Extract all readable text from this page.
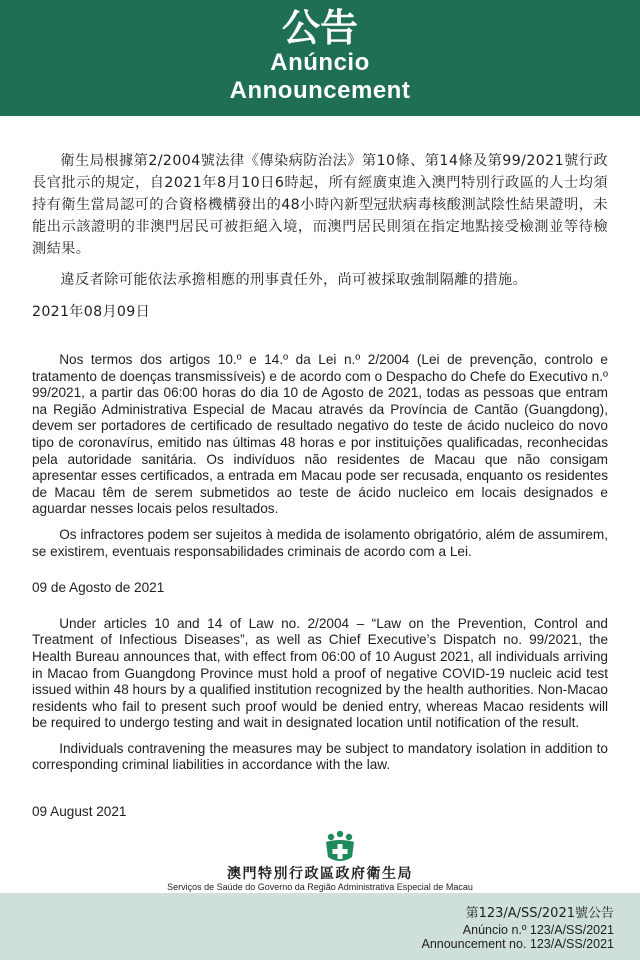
公告
Anúncio
Announcement

衛生局根據第2/2004號法律《傳染病防治法》第10條、第14條及第99/2021號行政長官批示的規定，自2021年8月10日6時起，所有經廣東進入澳門特別行政區的人士均須持有衛生當局認可的合資格機構發出的48小時內新型冠狀病毒核酸測試陰性結果證明，未能出示該證明的非澳門居民可被拒絕入境，而澳門居民則須在指定地點接受檢測並等待檢測結果。

違反者除可能依法承擔相應的刑事責任外，尚可被採取強制隔離的措施。

2021年08月09日

Nos termos dos artigos 10.º e 14.º da Lei n.º 2/2004 (Lei de prevenção, controlo e tratamento de doenças transmissíveis) e de acordo com o Despacho do Chefe do Executivo n.º 99/2021, a partir das 06:00 horas do dia 10 de Agosto de 2021, todas as pessoas que entram na Região Administrativa Especial de Macau através da Província de Cantão (Guangdong), devem ser portadores de certificado de resultado negativo do teste de ácido nucleico do novo tipo de coronavírus, emitido nas últimas 48 horas e por instituições qualificadas, reconhecidas pela autoridade sanitária. Os indivíduos não residentes de Macau que não consigam apresentar esses certificados, a entrada em Macau pode ser recusada, enquanto os residentes de Macau têm de serem submetidos ao teste de ácido nucleico em locais designados e aguardar nesses locais pelos resultados.

Os infractores podem ser sujeitos à medida de isolamento obrigatório, além de assumirem, se existirem, eventuais responsabilidades criminais de acordo com a Lei.

09 de Agosto de 2021

Under articles 10 and 14 of Law no. 2/2004 – “Law on the Prevention, Control and Treatment of Infectious Diseases”, as well as Chief Executive’s Dispatch no. 99/2021, the Health Bureau announces that, with effect from 06:00 of 10 August 2021, all individuals arriving in Macao from Guangdong Province must hold a proof of negative COVID-19 nucleic acid test issued within 48 hours by a qualified institution recognized by the health authorities. Non-Macao residents who fail to present such proof would be denied entry, whereas Macao residents will be required to undergo testing and wait in designated location until notification of the result.

Individuals contravening the measures may be subject to mandatory isolation in addition to corresponding criminal liabilities in accordance with the law.

09 August 2021
澳門特別行政區政府衛生局
Serviços de Saúde do Governo da Região Administrativa Especial de Macau
第123/A/SS/2021號公告
Anúncio n.º 123/A/SS/2021
Announcement no. 123/A/SS/2021
